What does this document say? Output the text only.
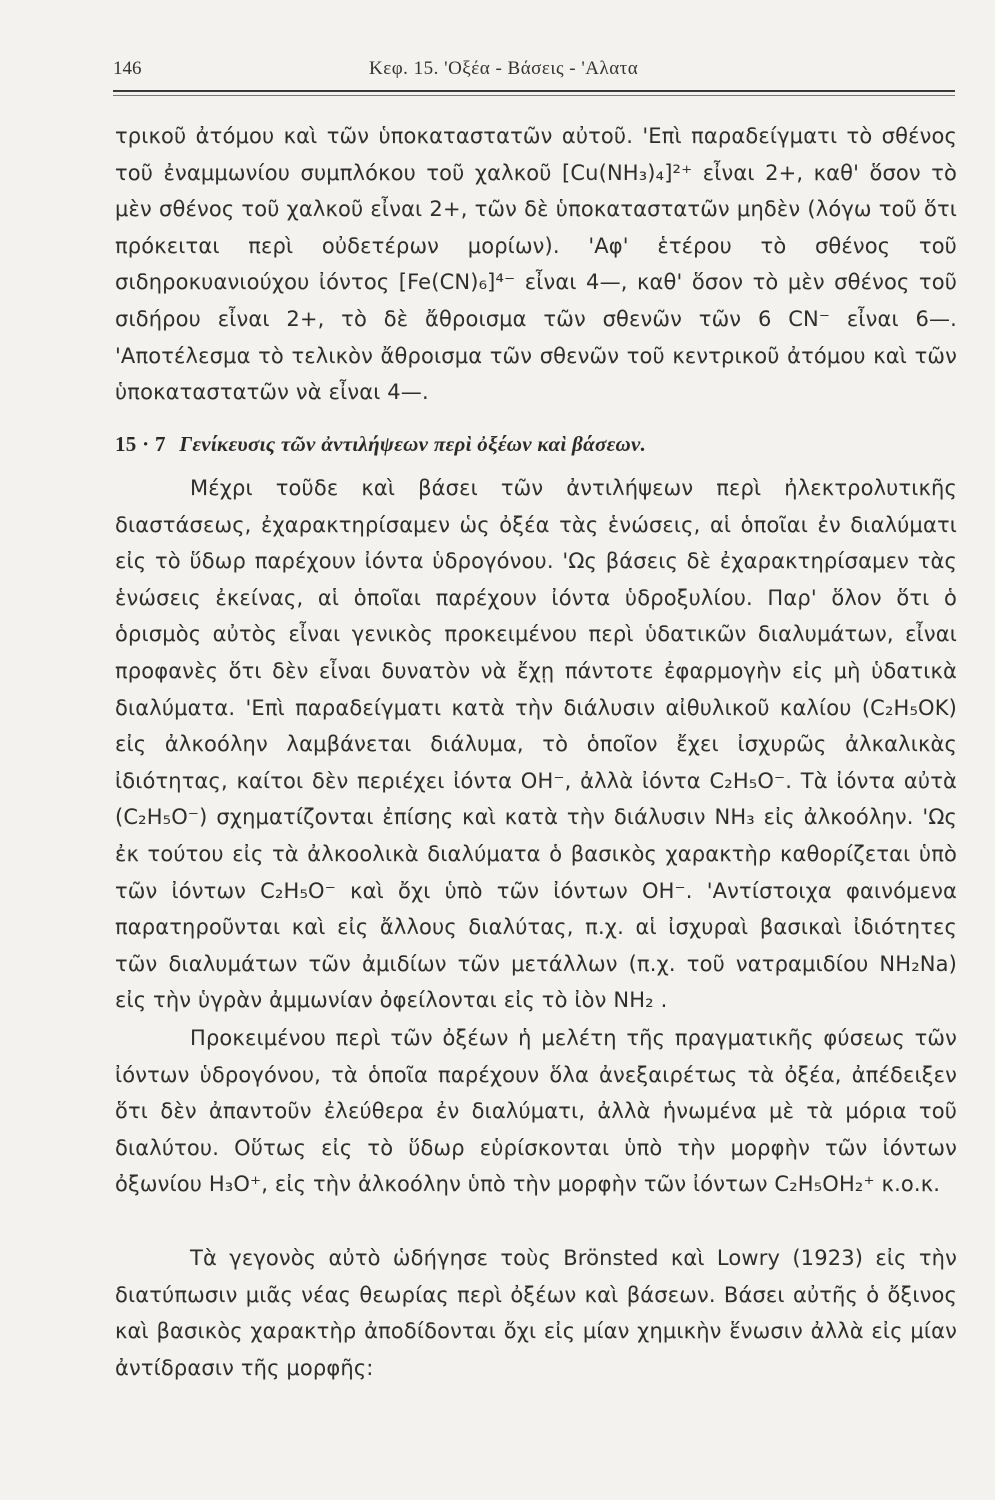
146	Κεφ. 15. 'Οξέα - Βάσεις - 'Αλατα

τρικοῦ ἀτόμου καὶ τῶν ὑποκαταστατῶν αὐτοῦ. 'Επὶ παραδείγματι τὸ σθένος τοῦ ἐναμμωνίου συμπλόκου τοῦ χαλκοῦ [Cu(NH₃)₄]²⁺ εἶναι 2+, καθ' ὅσον τὸ μὲν σθένος τοῦ χαλκοῦ εἶναι 2+, τῶν δὲ ὑποκαταστατῶν μηδὲν (λόγω τοῦ ὅτι πρόκειται περὶ οὐδετέρων μορίων). 'Αφ' ἑτέρου τὸ σθένος τοῦ σιδηροκυανιούχου ἰόντος [Fe(CN)₆]⁴⁻ εἶναι 4—, καθ' ὅσον τὸ μὲν σθένος τοῦ σιδήρου εἶναι 2+, τὸ δὲ ἄθροισμα τῶν σθενῶν τῶν 6 CN⁻ εἶναι 6—. 'Αποτέλεσμα τὸ τελικὸν ἄθροισμα τῶν σθενῶν τοῦ κεντρικοῦ ἀτόμου καὶ τῶν ὑποκαταστατῶν νὰ εἶναι 4—.

15 · 7 Γενίκευσις τῶν ἀντιλήψεων περὶ ὀξέων καὶ βάσεων.

Μέχρι τοῦδε καὶ βάσει τῶν ἀντιλήψεων περὶ ἠλεκτρολυτικῆς διαστάσεως, ἐχαρακτηρίσαμεν ὡς ὀξέα τὰς ἑνώσεις, αἱ ὁποῖαι ἐν διαλύματι εἰς τὸ ὕδωρ παρέχουν ἰόντα ὑδρογόνου. 'Ως βάσεις δὲ ἐχαρακτηρίσαμεν τὰς ἑνώσεις ἐκείνας, αἱ ὁποῖαι παρέχουν ἰόντα ὑδροξυλίου. Παρ' ὅλον ὅτι ὁ ὁρισμὸς αὐτὸς εἶναι γενικὸς προκειμένου περὶ ὑδατικῶν διαλυμάτων, εἶναι προφανὲς ὅτι δὲν εἶναι δυνατὸν νὰ ἔχῃ πάντοτε ἐφαρμογὴν εἰς μὴ ὑδατικὰ διαλύματα. 'Επὶ παραδείγματι κατὰ τὴν διάλυσιν αἰθυλικοῦ καλίου (C₂H₅OK) εἰς ἀλκοόλην λαμβάνεται διάλυμα, τὸ ὁποῖον ἔχει ἰσχυρῶς ἀλκαλικὰς ἰδιότητας, καίτοι δὲν περιέχει ἰόντα OH⁻, ἀλλὰ ἰόντα C₂H₅O⁻. Τὰ ἰόντα αὐτὰ (C₂H₅O⁻) σχηματίζονται ἐπίσης καὶ κατὰ τὴν διάλυσιν NH₃ εἰς ἀλκοόλην. 'Ως ἐκ τούτου εἰς τὰ ἀλκοολικὰ διαλύματα ὁ βασικὸς χαρακτὴρ καθορίζεται ὑπὸ τῶν ἰόντων C₂H₅O⁻ καὶ ὄχι ὑπὸ τῶν ἰόντων OH⁻. 'Αντίστοιχα φαινόμενα παρατηροῦνται καὶ εἰς ἄλλους διαλύτας, π.χ. αἱ ἰσχυραὶ βασικαὶ ἰδιότητες τῶν διαλυμάτων τῶν ἀμιδίων τῶν μετάλλων (π.χ. τοῦ νατραμιδίου NH₂Na) εἰς τὴν ὑγρὰν ἀμμωνίαν ὀφείλονται εἰς τὸ ἰὸν NH₂ .

Προκειμένου περὶ τῶν ὀξέων ἡ μελέτη τῆς πραγματικῆς φύσεως τῶν ἰόντων ὑδρογόνου, τὰ ὁποῖα παρέχουν ὅλα ἀνεξαιρέτως τὰ ὀξέα, ἀπέδειξεν ὅτι δὲν ἀπαντοῦν ἐλεύθερα ἐν διαλύματι, ἀλλὰ ἡνωμένα μὲ τὰ μόρια τοῦ διαλύτου. Οὕτως εἰς τὸ ὕδωρ εὑρίσκονται ὑπὸ τὴν μορφὴν τῶν ἰόντων ὀξωνίου H₃O⁺, εἰς τὴν ἀλκοόλην ὑπὸ τὴν μορφὴν τῶν ἰόντων C₂H₅OH₂⁺ κ.ο.κ.

Τὰ γεγονὸς αὐτὸ ὡδήγησε τοὺς Brönsted καὶ Lowry (1923) εἰς τὴν διατύπωσιν μιᾶς νέας θεωρίας περὶ ὀξέων καὶ βάσεων. Βάσει αὐτῆς ὁ ὄξινος καὶ βασικὸς χαρακτὴρ ἀποδίδονται ὄχι εἰς μίαν χημικὴν ἕνωσιν ἀλλὰ εἰς μίαν ἀντίδρασιν τῆς μορφῆς:
